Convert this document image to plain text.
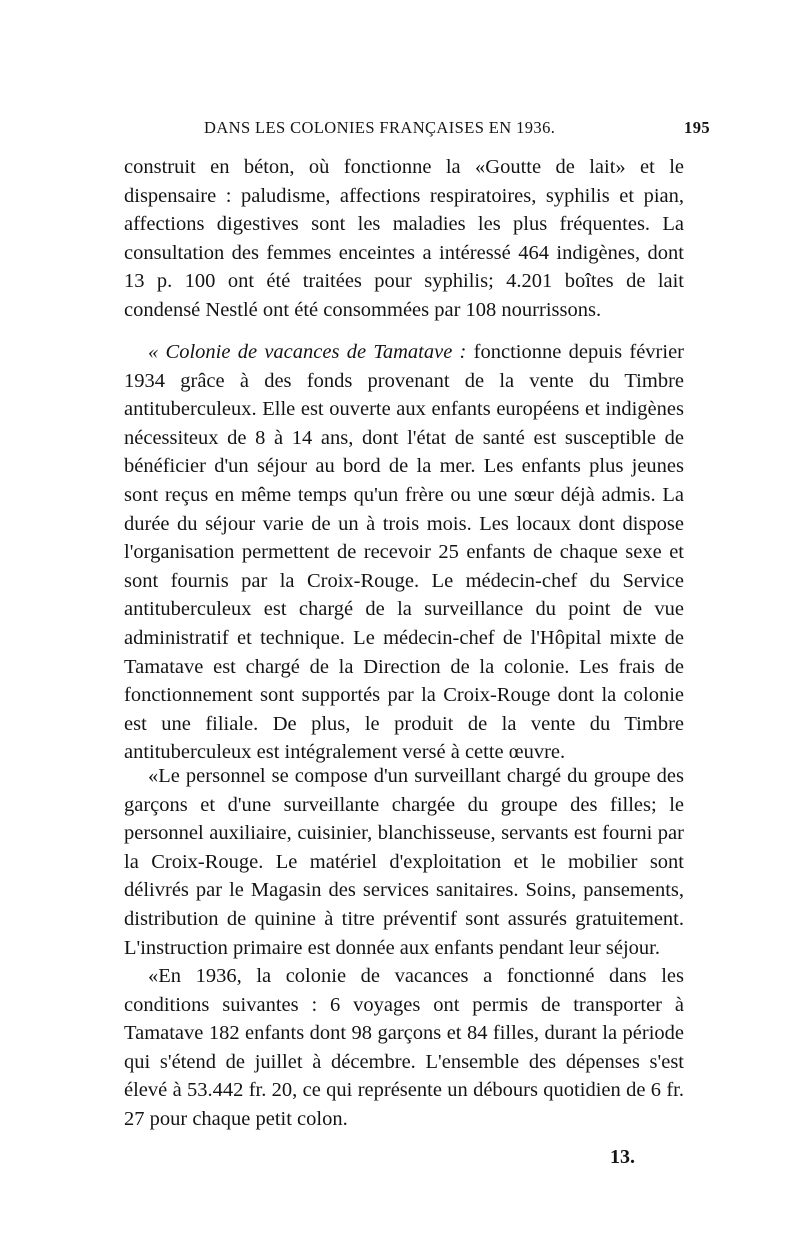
DANS LES COLONIES FRANÇAISES EN 1936.	195

construit en béton, où fonctionne la «Goutte de lait» et le dispensaire : paludisme, affections respiratoires, syphilis et pian, affections digestives sont les maladies les plus fréquentes. La consultation des femmes enceintes a intéressé 464 indigènes, dont 13 p. 100 ont été traitées pour syphilis; 4.201 boîtes de lait condensé Nestlé ont été consommées par 108 nourrissons.

« Colonie de vacances de Tamatave : fonctionne depuis février 1934 grâce à des fonds provenant de la vente du Timbre antituberculeux. Elle est ouverte aux enfants européens et indigènes nécessiteux de 8 à 14 ans, dont l'état de santé est susceptible de bénéficier d'un séjour au bord de la mer. Les enfants plus jeunes sont reçus en même temps qu'un frère ou une sœur déjà admis. La durée du séjour varie de un à trois mois. Les locaux dont dispose l'organisation permettent de recevoir 25 enfants de chaque sexe et sont fournis par la Croix-Rouge. Le médecin-chef du Service antituberculeux est chargé de la surveillance du point de vue administratif et technique. Le médecin-chef de l'Hôpital mixte de Tamatave est chargé de la Direction de la colonie. Les frais de fonctionnement sont supportés par la Croix-Rouge dont la colonie est une filiale. De plus, le produit de la vente du Timbre antituberculeux est intégralement versé à cette œuvre.

«Le personnel se compose d'un surveillant chargé du groupe des garçons et d'une surveillante chargée du groupe des filles; le personnel auxiliaire, cuisinier, blanchisseuse, servants est fourni par la Croix-Rouge. Le matériel d'exploitation et le mobilier sont délivrés par le Magasin des services sanitaires. Soins, pansements, distribution de quinine à titre préventif sont assurés gratuitement. L'instruction primaire est donnée aux enfants pendant leur séjour.

«En 1936, la colonie de vacances a fonctionné dans les conditions suivantes : 6 voyages ont permis de transporter à Tamatave 182 enfants dont 98 garçons et 84 filles, durant la période qui s'étend de juillet à décembre. L'ensemble des dépenses s'est élevé à 53.442 fr. 20, ce qui représente un débours quotidien de 6 fr. 27 pour chaque petit colon.

13.
